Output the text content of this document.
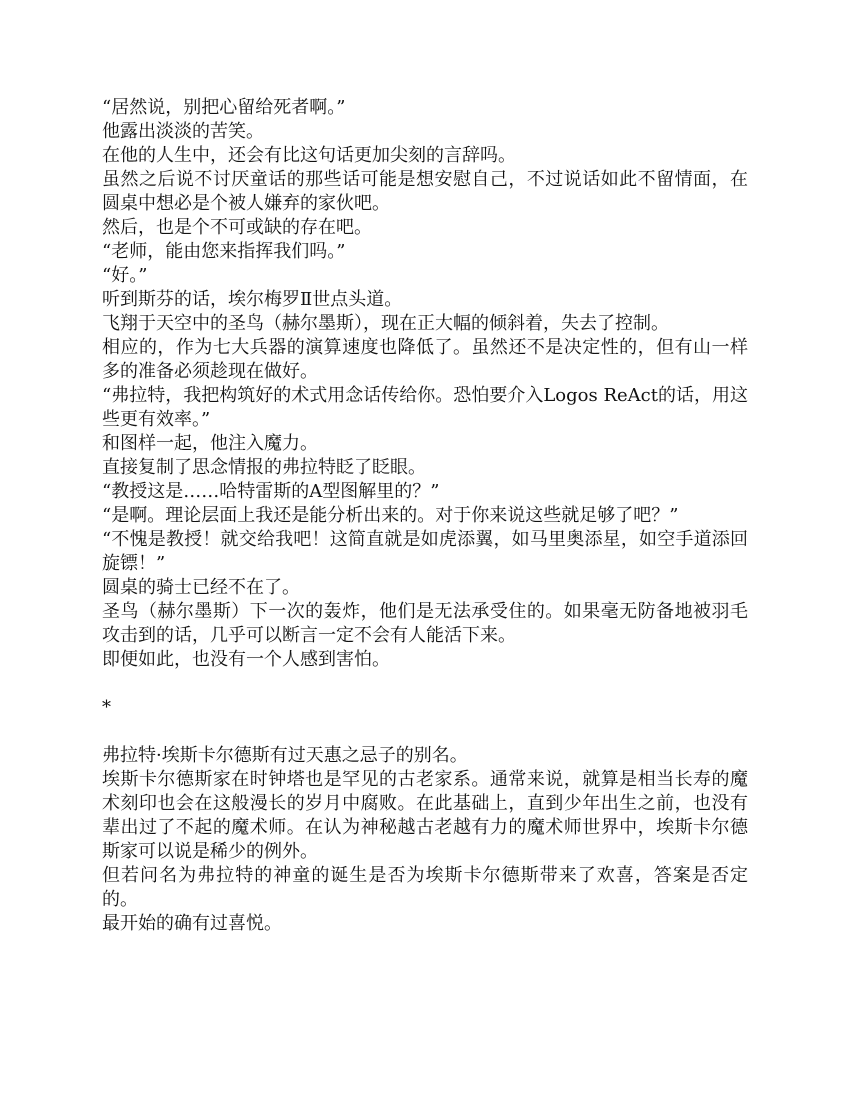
“居然说，别把心留给死者啊。”

他露出淡淡的苦笑。

在他的人生中，还会有比这句话更加尖刻的言辞吗。

虽然之后说不讨厌童话的那些话可能是想安慰自己，不过说话如此不留情面，在圆桌中想必是个被人嫌弃的家伙吧。

然后，也是个不可或缺的存在吧。

“老师，能由您来指挥我们吗。”

“好。”

听到斯芬的话，埃尔梅罗Ⅱ世点头道。

飞翔于天空中的圣鸟（赫尔墨斯），现在正大幅的倾斜着，失去了控制。

相应的，作为七大兵器的演算速度也降低了。虽然还不是决定性的，但有山一样多的准备必须趁现在做好。

“弗拉特，我把构筑好的术式用念话传给你。恐怕要介入Logos ReAct的话，用这些更有效率。”

和图样一起，他注入魔力。

直接复制了思念情报的弗拉特眨了眨眼。

“教授这是……哈特雷斯的A型图解里的？”

“是啊。理论层面上我还是能分析出来的。对于你来说这些就足够了吧？”

“不愧是教授！就交给我吧！这简直就是如虎添翼，如马里奥添星，如空手道添回旋镖！”

圆桌的骑士已经不在了。

圣鸟（赫尔墨斯）下一次的轰炸，他们是无法承受住的。如果毫无防备地被羽毛攻击到的话，几乎可以断言一定不会有人能活下来。

即便如此，也没有一个人感到害怕。

*

弗拉特·埃斯卡尔德斯有过天惠之忌子的别名。

埃斯卡尔德斯家在时钟塔也是罕见的古老家系。通常来说，就算是相当长寿的魔术刻印也会在这般漫长的岁月中腐败。在此基础上，直到少年出生之前，也没有辈出过了不起的魔术师。在认为神秘越古老越有力的魔术师世界中，埃斯卡尔德斯家可以说是稀少的例外。

但若问名为弗拉特的神童的诞生是否为埃斯卡尔德斯带来了欢喜，答案是否定的。

最开始的确有过喜悦。
